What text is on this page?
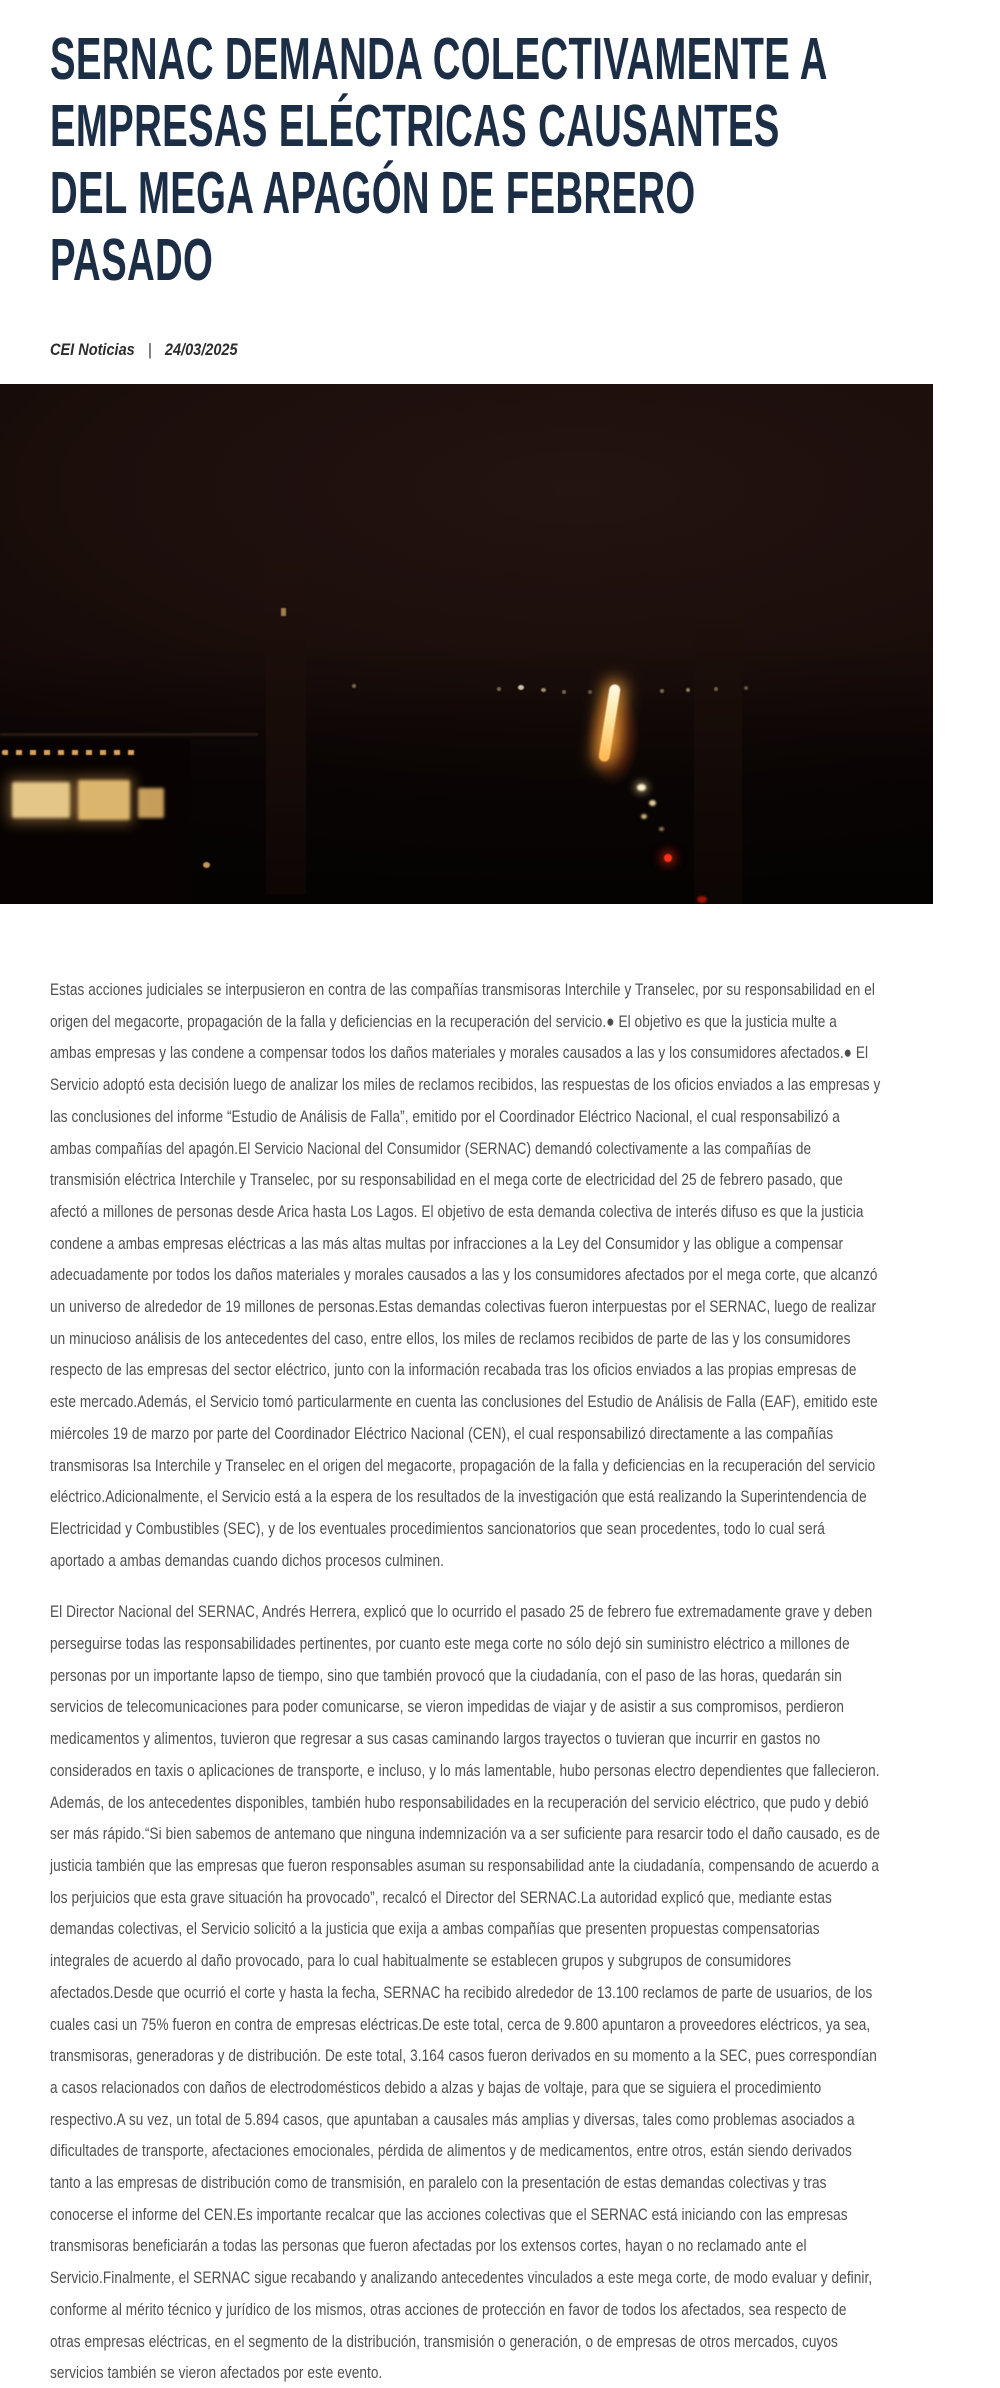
SERNAC DEMANDA COLECTIVAMENTE A
EMPRESAS ELÉCTRICAS CAUSANTES
DEL MEGA APAGÓN DE FEBRERO
PASADO
CEI Noticias | 24/03/2025

Estas acciones judiciales se interpusieron en contra de las compañías transmisoras Interchile y Transelec, por su responsabilidad en el origen del megacorte, propagación de la falla y deficiencias en la recuperación del servicio.● El objetivo es que la justicia multe a ambas empresas y las condene a compensar todos los daños materiales y morales causados a las y los consumidores afectados.● El Servicio adoptó esta decisión luego de analizar los miles de reclamos recibidos, las respuestas de los oficios enviados a las empresas y las conclusiones del informe “Estudio de Análisis de Falla”, emitido por el Coordinador Eléctrico Nacional, el cual responsabilizó a ambas compañías del apagón.El Servicio Nacional del Consumidor (SERNAC) demandó colectivamente a las compañías de transmisión eléctrica Interchile y Transelec, por su responsabilidad en el mega corte de electricidad del 25 de febrero pasado, que afectó a millones de personas desde Arica hasta Los Lagos. El objetivo de esta demanda colectiva de interés difuso es que la justicia condene a ambas empresas eléctricas a las más altas multas por infracciones a la Ley del Consumidor y las obligue a compensar adecuadamente por todos los daños materiales y morales causados a las y los consumidores afectados por el mega corte, que alcanzó un universo de alrededor de 19 millones de personas.Estas demandas colectivas fueron interpuestas por el SERNAC, luego de realizar un minucioso análisis de los antecedentes del caso, entre ellos, los miles de reclamos recibidos de parte de las y los consumidores respecto de las empresas del sector eléctrico, junto con la información recabada tras los oficios enviados a las propias empresas de este mercado.Además, el Servicio tomó particularmente en cuenta las conclusiones del Estudio de Análisis de Falla (EAF), emitido este miércoles 19 de marzo por parte del Coordinador Eléctrico Nacional (CEN), el cual responsabilizó directamente a las compañías transmisoras Isa Interchile y Transelec en el origen del megacorte, propagación de la falla y deficiencias en la recuperación del servicio eléctrico.Adicionalmente, el Servicio está a la espera de los resultados de la investigación que está realizando la Superintendencia de Electricidad y Combustibles (SEC), y de los eventuales procedimientos sancionatorios que sean procedentes, todo lo cual será aportado a ambas demandas cuando dichos procesos culminen.

El Director Nacional del SERNAC, Andrés Herrera, explicó que lo ocurrido el pasado 25 de febrero fue extremadamente grave y deben perseguirse todas las responsabilidades pertinentes, por cuanto este mega corte no sólo dejó sin suministro eléctrico a millones de personas por un importante lapso de tiempo, sino que también provocó que la ciudadanía, con el paso de las horas, quedarán sin servicios de telecomunicaciones para poder comunicarse, se vieron impedidas de viajar y de asistir a sus compromisos, perdieron medicamentos y alimentos, tuvieron que regresar a sus casas caminando largos trayectos o tuvieran que incurrir en gastos no considerados en taxis o aplicaciones de transporte, e incluso, y lo más lamentable, hubo personas electro dependientes que fallecieron. Además, de los antecedentes disponibles, también hubo responsabilidades en la recuperación del servicio eléctrico, que pudo y debió ser más rápido.“Si bien sabemos de antemano que ninguna indemnización va a ser suficiente para resarcir todo el daño causado, es de justicia también que las empresas que fueron responsables asuman su responsabilidad ante la ciudadanía, compensando de acuerdo a los perjuicios que esta grave situación ha provocado”, recalcó el Director del SERNAC.La autoridad explicó que, mediante estas demandas colectivas, el Servicio solicitó a la justicia que exija a ambas compañías que presenten propuestas compensatorias integrales de acuerdo al daño provocado, para lo cual habitualmente se establecen grupos y subgrupos de consumidores afectados.Desde que ocurrió el corte y hasta la fecha, SERNAC ha recibido alrededor de 13.100 reclamos de parte de usuarios, de los cuales casi un 75% fueron en contra de empresas eléctricas.De este total, cerca de 9.800 apuntaron a proveedores eléctricos, ya sea, transmisoras, generadoras y de distribución. De este total, 3.164 casos fueron derivados en su momento a la SEC, pues correspondían a casos relacionados con daños de electrodomésticos debido a alzas y bajas de voltaje, para que se siguiera el procedimiento respectivo.A su vez, un total de 5.894 casos, que apuntaban a causales más amplias y diversas, tales como problemas asociados a dificultades de transporte, afectaciones emocionales, pérdida de alimentos y de medicamentos, entre otros, están siendo derivados tanto a las empresas de distribución como de transmisión, en paralelo con la presentación de estas demandas colectivas y tras conocerse el informe del CEN.Es importante recalcar que las acciones colectivas que el SERNAC está iniciando con las empresas transmisoras beneficiarán a todas las personas que fueron afectadas por los extensos cortes, hayan o no reclamado ante el Servicio.Finalmente, el SERNAC sigue recabando y analizando antecedentes vinculados a este mega corte, de modo evaluar y definir, conforme al mérito técnico y jurídico de los mismos, otras acciones de protección en favor de todos los afectados, sea respecto de otras empresas eléctricas, en el segmento de la distribución, transmisión o generación, o de empresas de otros mercados, cuyos servicios también se vieron afectados por este evento.
